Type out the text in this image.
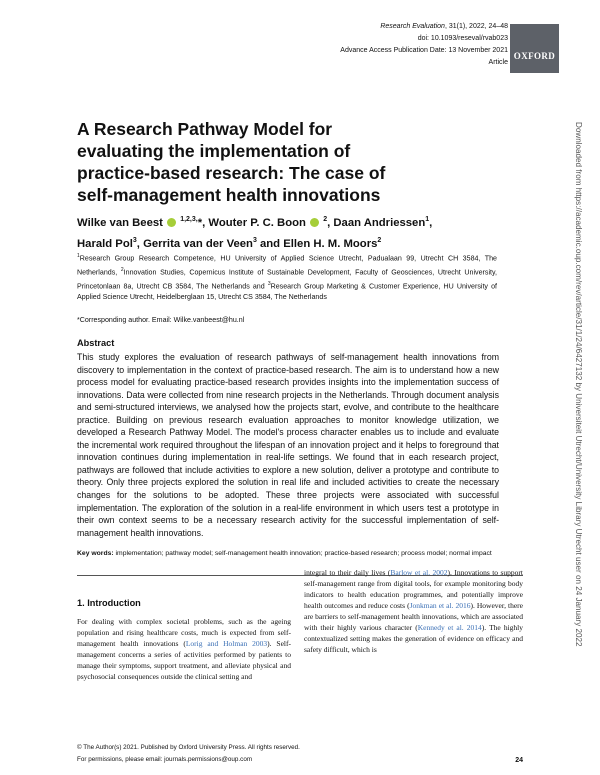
Research Evaluation, 31(1), 2022, 24–48
doi: 10.1093/reseval/rvab023
Advance Access Publication Date: 13 November 2021
Article
OXFORD
A Research Pathway Model for evaluating the implementation of practice-based research: The case of self-management health innovations
Wilke van Beest $^{1,2,3,}$*, Wouter P. C. Boon $^2$, Daan Andriessen$^1$,
Harald Pol$^3$, Gerrita van der Veen$^3$ and Ellen H. M. Moors$^2$
$^1$Research Group Research Competence, HU University of Applied Science Utrecht, Padualaan 99, Utrecht CH 3584, The Netherlands, $^2$Innovation Studies, Copernicus Institute of Sustainable Development, Faculty of Geosciences, Utrecht University, Princetonlaan 8a, Utrecht CB 3584, The Netherlands and $^3$Research Group Marketing & Customer Experience, HU University of Applied Science Utrecht, Heidelberglaan 15, Utrecht CS 3584, The Netherlands
*Corresponding author. Email: Wilke.vanbeest@hu.nl
Abstract
This study explores the evaluation of research pathways of self-management health innovations from discovery to implementation in the context of practice-based research. The aim is to understand how a new process model for evaluating practice-based research provides insights into the implementation success of innovations. Data were collected from nine research projects in the Netherlands. Through document analysis and semi-structured interviews, we analysed how the projects start, evolve, and contribute to the healthcare practice. Building on previous research evaluation approaches to monitor knowledge utilization, we developed a Research Pathway Model. The model's process character enables us to include and evaluate the incremental work required throughout the lifespan of an innovation project and it helps to foreground that innovation continues during implementation in real-life settings. We found that in each research project, pathways are followed that include activities to explore a new solution, deliver a prototype and contribute to theory. Only three projects explored the solution in real life and included activities to create the necessary changes for the solutions to be adopted. These three projects were associated with successful implementation. The exploration of the solution in a real-life environment in which users test a prototype in their own context seems to be a necessary research activity for the successful implementation of self-management health innovations.
Key words: implementation; pathway model; self-management health innovation; practice-based research; process model; normal impact
1. Introduction
For dealing with complex societal problems, such as the ageing population and rising healthcare costs, much is expected from self-management health innovations (Lorig and Holman 2003). Self-management concerns a series of activities performed by patients to manage their symptoms, support treatment, and alleviate physical and psychosocial consequences outside the clinical setting and
integral to their daily lives (Barlow et al. 2002). Innovations to support self-management range from digital tools, for example monitoring body indicators to health education programmes, and potentially improve health outcomes and reduce costs (Jonkman et al. 2016). However, there are barriers to self-management health innovations, which are associated with their highly various character (Kennedy et al. 2014). The highly contextualized setting makes the generation of evidence on efficacy and safety difficult, which is
© The Author(s) 2021. Published by Oxford University Press. All rights reserved.
For permissions, please email: journals.permissions@oup.com	24
Downloaded from https://academic.oup.com/rev/article/31/1/24/6427132 by Universiteit Utrecht/University Library Utrecht user on 24 January 2022
